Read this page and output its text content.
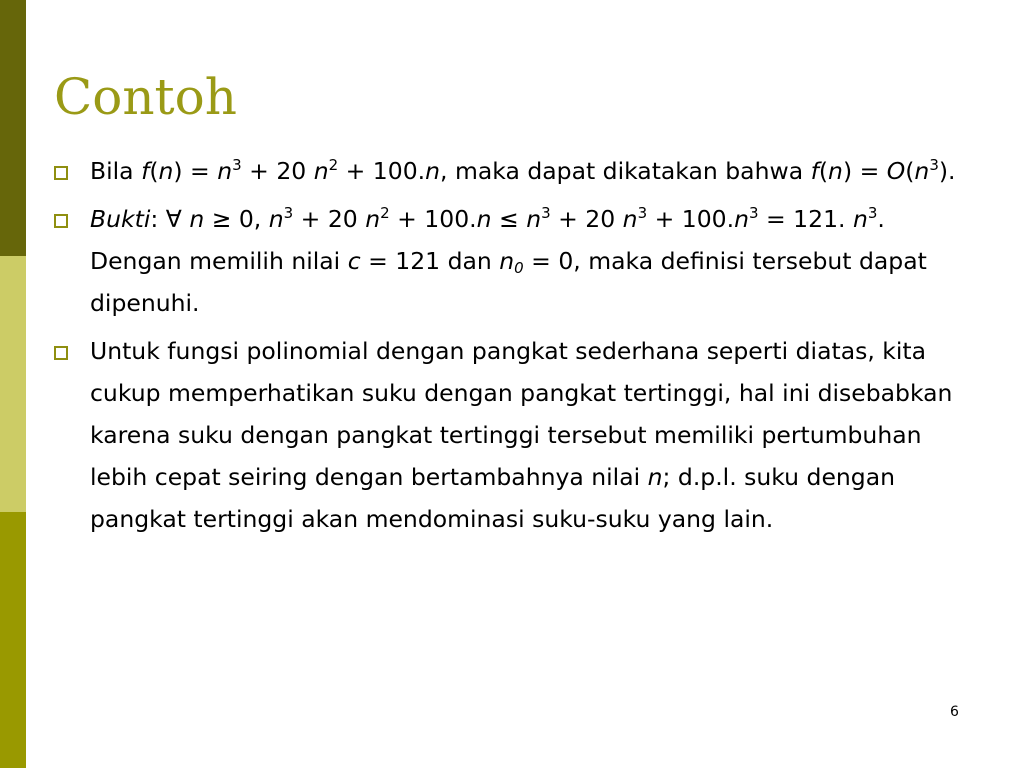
Contoh
Bila $f(n) = n^3 + 20$ $n^2 + 100.n$, maka dapat dikatakan bahwa $f(n) = O(n^3)$.
Bukti: ∀ n ≥ 0, $n^3 + 20$ $n^2 + 100.n \le n^3 + 20$ $n^3 + 100.n^3 = 121$. $n^3$. Dengan memilih nilai c = 121 dan $n_0 = 0$, maka definisi tersebut dapat dipenuhi.
Untuk fungsi polinomial dengan pangkat sederhana seperti diatas, kita cukup memperhatikan suku dengan pangkat tertinggi, hal ini disebabkan karena suku dengan pangkat tertinggi tersebut memiliki pertumbuhan lebih cepat seiring dengan bertambahnya nilai n; d.p.l. suku dengan pangkat tertinggi akan mendominasi suku-suku yang lain.
6
